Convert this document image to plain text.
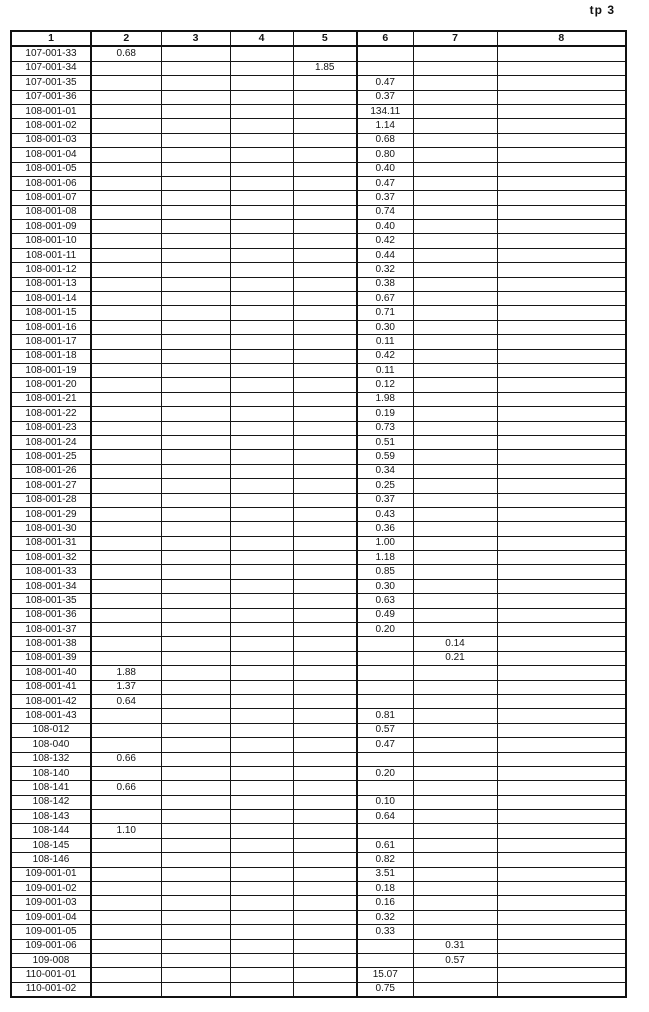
tp 3
1	2	3	4	5	6	7	8
107-001-33	0.68						
107-001-34				1.85			
107-001-35					0.47		
107-001-36					0.37		
108-001-01					134.11		
108-001-02					1.14		
108-001-03					0.68		
108-001-04					0.80		
108-001-05					0.40		
108-001-06					0.47		
108-001-07					0.37		
108-001-08					0.74		
108-001-09					0.40		
108-001-10					0.42		
108-001-11					0.44		
108-001-12					0.32		
108-001-13					0.38		
108-001-14					0.67		
108-001-15					0.71		
108-001-16					0.30		
108-001-17					0.11		
108-001-18					0.42		
108-001-19					0.11		
108-001-20					0.12		
108-001-21					1.98		
108-001-22					0.19		
108-001-23					0.73		
108-001-24					0.51		
108-001-25					0.59		
108-001-26					0.34		
108-001-27					0.25		
108-001-28					0.37		
108-001-29					0.43		
108-001-30					0.36		
108-001-31					1.00		
108-001-32					1.18		
108-001-33					0.85		
108-001-34					0.30		
108-001-35					0.63		
108-001-36					0.49		
108-001-37					0.20		
108-001-38						0.14	
108-001-39						0.21	
108-001-40	1.88						
108-001-41	1.37						
108-001-42	0.64						
108-001-43					0.81		
108-012					0.57		
108-040					0.47		
108-132	0.66						
108-140					0.20		
108-141	0.66						
108-142					0.10		
108-143					0.64		
108-144	1.10						
108-145					0.61		
108-146					0.82		
109-001-01					3.51		
109-001-02					0.18		
109-001-03					0.16		
109-001-04					0.32		
109-001-05					0.33		
109-001-06						0.31	
109-008						0.57	
110-001-01					15.07		
110-001-02					0.75		
